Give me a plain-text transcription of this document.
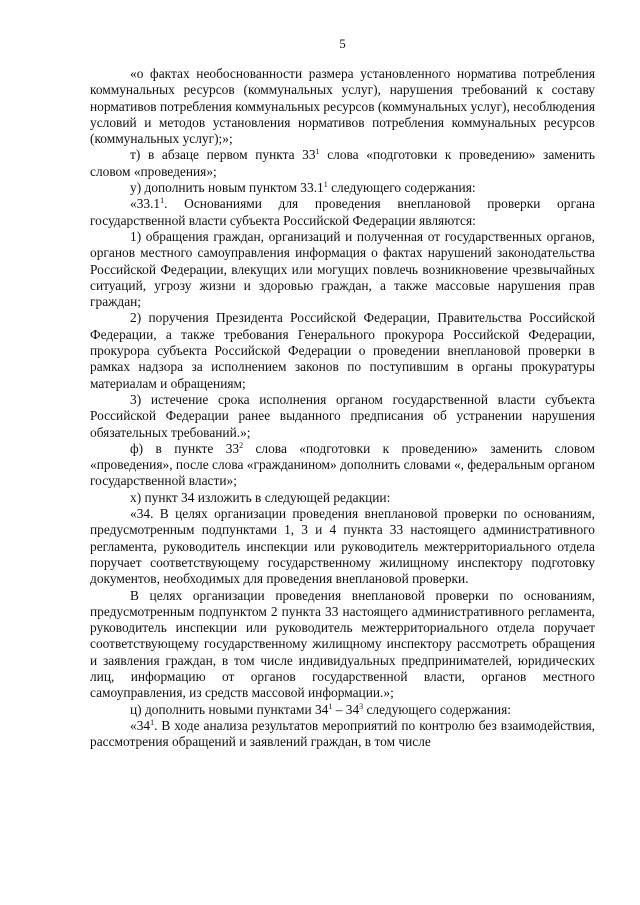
5

«о фактах необоснованности размера установленного норматива потребления коммунальных ресурсов (коммунальных услуг), нарушения требований к составу нормативов потребления коммунальных ресурсов (коммунальных услуг), несоблюдения условий и методов установления нормативов потребления коммунальных ресурсов (коммунальных услуг);»;

т) в абзаце первом пункта $33^1$ слова «подготовки к проведению» заменить словом «проведения»;

у) дополнить новым пунктом 33.1$^1$ следующего содержания:

«33.1$^1$. Основаниями для проведения внеплановой проверки органа государственной власти субъекта Российской Федерации являются:

1) обращения граждан, организаций и полученная от государственных органов, органов местного самоуправления информация о фактах нарушений законодательства Российской Федерации, влекущих или могущих повлечь возникновение чрезвычайных ситуаций, угрозу жизни и здоровью граждан, а также массовые нарушения прав граждан;

2) поручения Президента Российской Федерации, Правительства Российской Федерации, а также требования Генерального прокурора Российской Федерации, прокурора субъекта Российской Федерации о проведении внеплановой проверки в рамках надзора за исполнением законов по поступившим в органы прокуратуры материалам и обращениям;

3) истечение срока исполнения органом государственной власти субъекта Российской Федерации ранее выданного предписания об устранении нарушения обязательных требований.»;

ф) в пункте $33^2$ слова «подготовки к проведению» заменить словом «проведения», после слова «гражданином» дополнить словами «, федеральным органом государственной власти»;

х) пункт 34 изложить в следующей редакции:

«34. В целях организации проведения внеплановой проверки по основаниям, предусмотренным подпунктами 1, 3 и 4 пункта 33 настоящего административного регламента, руководитель инспекции или руководитель межтерриториального отдела поручает соответствующему государственному жилищному инспектору подготовку документов, необходимых для проведения внеплановой проверки.

В целях организации проведения внеплановой проверки по основаниям, предусмотренным подпунктом 2 пункта 33 настоящего административного регламента, руководитель инспекции или руководитель межтерриториального отдела поручает соответствующему государственному жилищному инспектору рассмотреть обращения и заявления граждан, в том числе индивидуальных предпринимателей, юридических лиц, информацию от органов государственной власти, органов местного самоуправления, из средств массовой информации.»;

ц) дополнить новыми пунктами $34^1 - 34^3$ следующего содержания:

«$34^1$. В ходе анализа результатов мероприятий по контролю без взаимодействия, рассмотрения обращений и заявлений граждан, в том числе
